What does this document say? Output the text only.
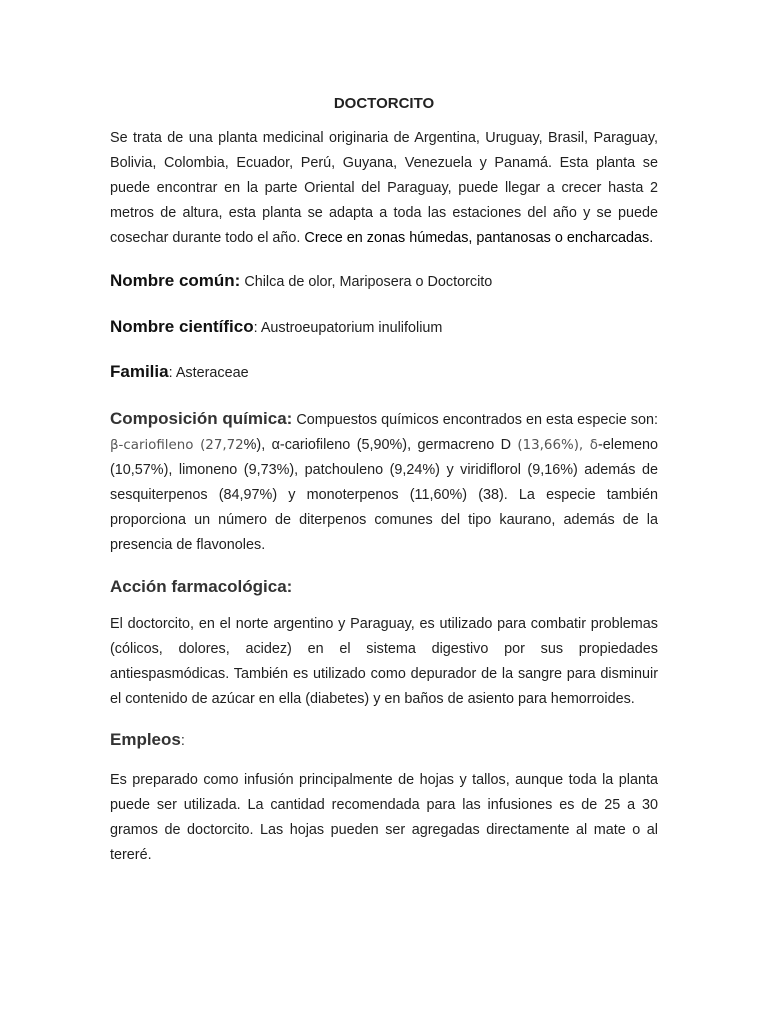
DOCTORCITO

Se trata de una planta medicinal originaria de Argentina, Uruguay, Brasil, Paraguay, Bolivia, Colombia, Ecuador, Perú, Guyana, Venezuela y Panamá. Esta planta se puede encontrar en la parte Oriental del Paraguay, puede llegar a crecer hasta 2 metros de altura, esta planta se adapta a toda las estaciones del año y se puede cosechar durante todo el año. Crece en zonas húmedas, pantanosas o encharcadas.

Nombre común: Chilca de olor, Mariposera o Doctorcito
Nombre científico: Austroeupatorium inulifolium
Familia: Asteraceae

Composición química: Compuestos químicos encontrados en esta especie son: β-cariofileno (27,72%), α-cariofileno (5,90%), germacreno D (13,66%), δ-elemeno (10,57%), limoneno (9,73%), patchouleno (9,24%) y viridiflorol (9,16%) además de sesquiterpenos (84,97%) y monoterpenos (11,60%) (38). La especie también proporciona un número de diterpenos comunes del tipo kaurano, además de la presencia de flavonoles.

Acción farmacológica:

El doctorcito, en el norte argentino y Paraguay, es utilizado para combatir problemas (cólicos, dolores, acidez) en el sistema digestivo por sus propiedades antiespasmódicas. También es utilizado como depurador de la sangre para disminuir el contenido de azúcar en ella (diabetes) y en baños de asiento para hemorroides.

Empleos:

Es preparado como infusión principalmente de hojas y tallos, aunque toda la planta puede ser utilizada. La cantidad recomendada para las infusiones es de 25 a 30 gramos de doctorcito. Las hojas pueden ser agregadas directamente al mate o al tereré.
